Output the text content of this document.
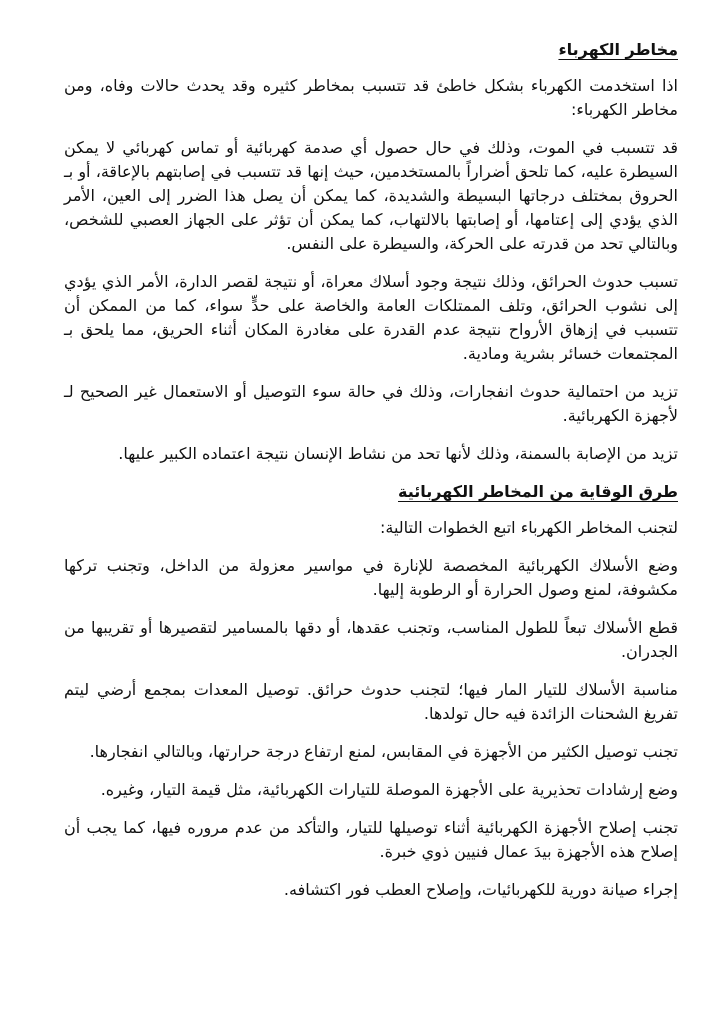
مخاطر الكهرباء

اذا استخدمت الكهرباء بشكل خاطئ قد تتسبب بمخاطر كثيره وقد يحدث حالات وفاه، ومن مخاطر الكهرباء:

قد تتسبب في الموت، وذلك في حال حصول أي صدمة كهربائية أو تماس كهربائي لا يمكن السيطرة عليه، كما تلحق أضراراً بالمستخدمين، حيث إنها قد تتسبب في إصابتهم بالإعاقة، أو بـ الحروق بمختلف درجاتها البسيطة والشديدة، كما يمكن أن يصل هذا الضرر إلى العين، الأمر الذي يؤدي إلى إعتامها، أو إصابتها بالالتهاب، كما يمكن أن تؤثر على الجهاز العصبي للشخص، وبالتالي تحد من قدرته على الحركة، والسيطرة على النفس.

تسبب حدوث الحرائق، وذلك نتيجة وجود أسلاك معراة، أو نتيجة لقصر الدارة، الأمر الذي يؤدي إلى نشوب الحرائق، وتلف الممتلكات العامة والخاصة على حدٍّ سواء، كما من الممكن أن تتسبب في إزهاق الأرواح نتيجة عدم القدرة على مغادرة المكان أثناء الحريق، مما يلحق بـ المجتمعات خسائر بشرية ومادية.

تزيد من احتمالية حدوث انفجارات، وذلك في حالة سوء التوصيل أو الاستعمال غير الصحيح لـ لأجهزة الكهربائية.

تزيد من الإصابة بالسمنة، وذلك لأنها تحد من نشاط الإنسان نتيجة اعتماده الكبير عليها.

طرق الوقاية من المخاطر الكهربائية

لتجنب المخاطر الكهرباء اتبع الخطوات التالية:

وضع الأسلاك الكهربائية المخصصة للإنارة في مواسير معزولة من الداخل، وتجنب تركها مكشوفة، لمنع وصول الحرارة أو الرطوبة إليها.

قطع الأسلاك تبعاً للطول المناسب، وتجنب عقدها، أو دقها بالمسامير لتقصيرها أو تقريبها من الجدران.

مناسبة الأسلاك للتيار المار فيها؛ لتجنب حدوث حرائق. توصيل المعدات بمجمع أرضي ليتم تفريغ الشحنات الزائدة فيه حال تولدها.

تجنب توصيل الكثير من الأجهزة في المقابس، لمنع ارتفاع درجة حرارتها، وبالتالي انفجارها.

وضع إرشادات تحذيرية على الأجهزة الموصلة للتيارات الكهربائية، مثل قيمة التيار، وغيره.

تجنب إصلاح الأجهزة الكهربائية أثناء توصيلها للتيار، والتأكد من عدم مروره فيها، كما يجب أن إصلاح هذه الأجهزة بيدَ عمال فنيين ذوي خبرة.

إجراء صيانة دورية للكهربائيات، وإصلاح العطب فور اكتشافه.
